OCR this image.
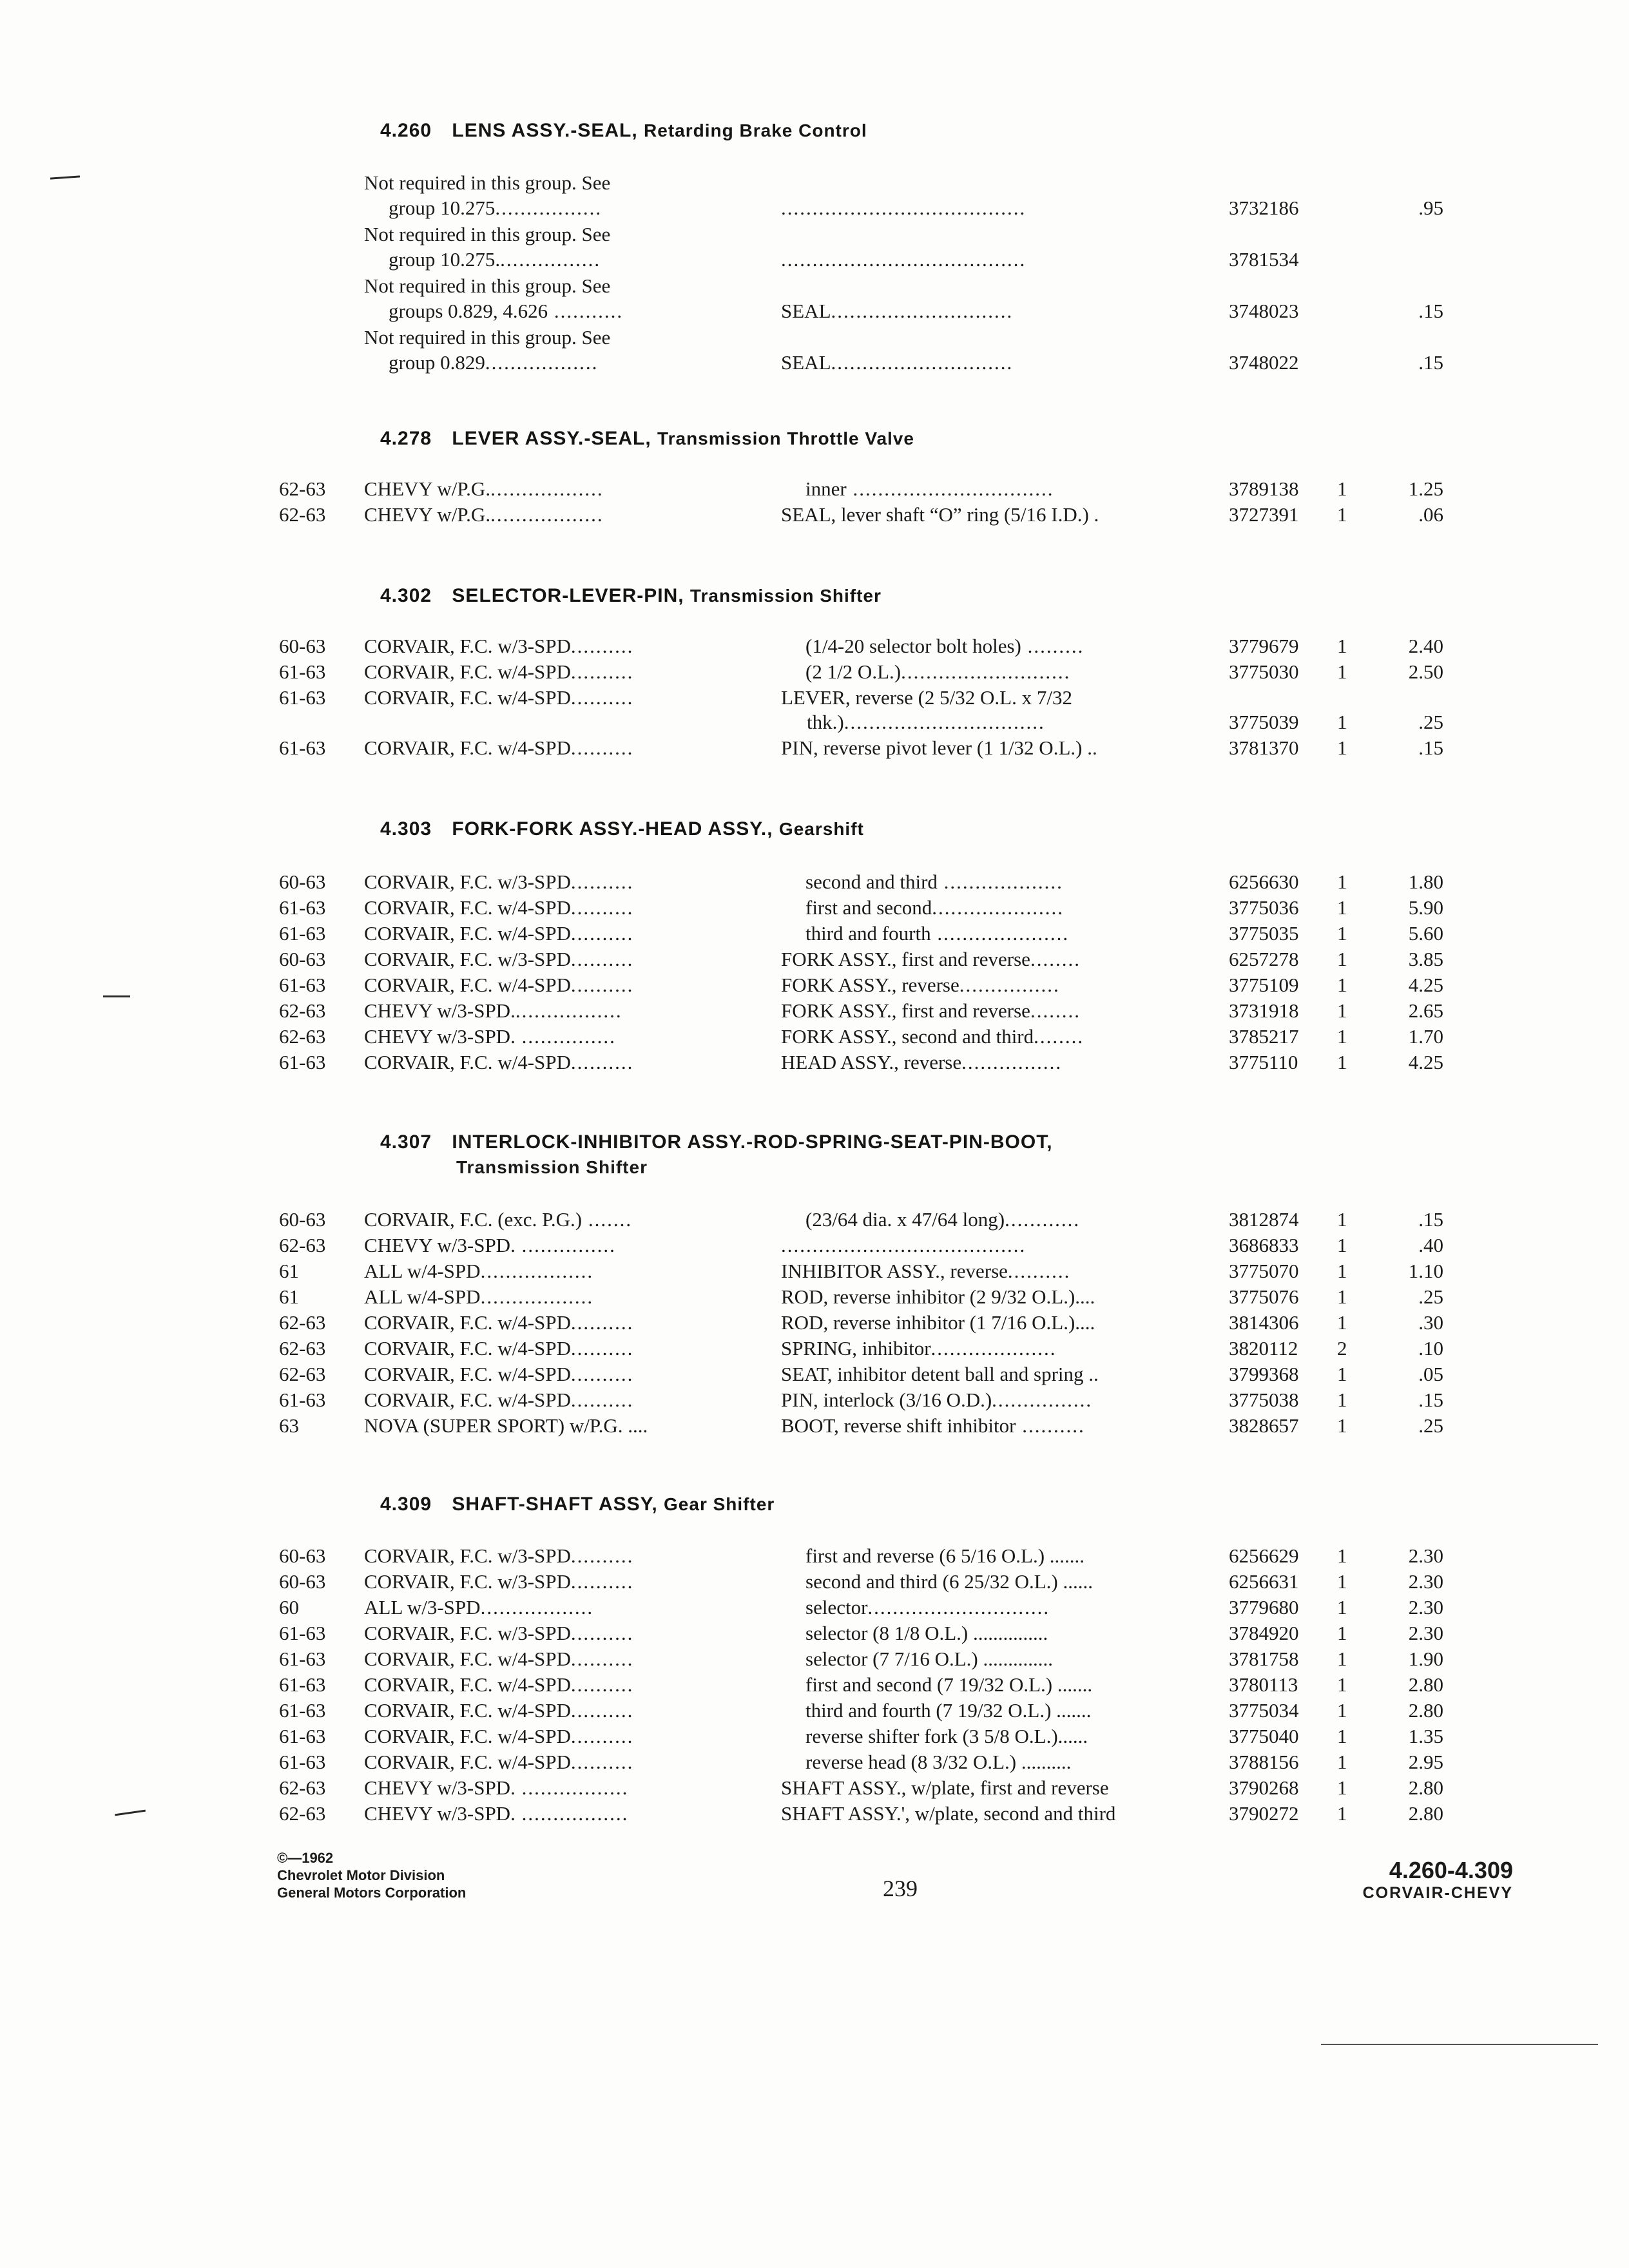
4.260 LENS ASSY.-SEAL, Retarding Brake Control
Not required in this group. See
group 10.275.................	.......................................	3732186	.95
Not required in this group. See
group 10.275.................	.......................................	3781534
Not required in this group. See
groups 0.829, 4.626 ...........	SEAL.............................	3748023	.15
Not required in this group. See
group 0.829..................	SEAL.............................	3748022	.15
4.278 LEVER ASSY.-SEAL, Transmission Throttle Valve
62-63 CHEVY w/P.G...................	inner ................................	3789138 1	1.25
62-63 CHEVY w/P.G...................	SEAL, lever shaft “O” ring (5/16 I.D.) .	3727391 1	.06
4.302 SELECTOR-LEVER-PIN, Transmission Shifter
60-63 CORVAIR, F.C. w/3-SPD..........	(1/4-20 selector bolt holes) .........	3779679 1	2.40
61-63 CORVAIR, F.C. w/4-SPD..........	(2 1/2 O.L.)...........................	3775030 1	2.50
61-63 CORVAIR, F.C. w/4-SPD..........	LEVER, reverse (2 5/32 O.L. x 7/32
thk.)................................	3775039 1	.25
61-63 CORVAIR, F.C. w/4-SPD..........	PIN, reverse pivot lever (1 1/32 O.L.) ..	3781370 1	.15
4.303 FORK-FORK ASSY.-HEAD ASSY., Gearshift
60-63 CORVAIR, F.C. w/3-SPD..........	second and third ...................	6256630 1	1.80
61-63 CORVAIR, F.C. w/4-SPD..........	first and second.....................	3775036 1	5.90
61-63 CORVAIR, F.C. w/4-SPD..........	third and fourth .....................	3775035 1	5.60
60-63 CORVAIR, F.C. w/3-SPD..........	FORK ASSY., first and reverse........	6257278 1	3.85
61-63 CORVAIR, F.C. w/4-SPD..........	FORK ASSY., reverse................	3775109 1	4.25
62-63 CHEVY w/3-SPD..................	FORK ASSY., first and reverse........	3731918 1	2.65
62-63 CHEVY w/3-SPD. ...............	FORK ASSY., second and third........	3785217 1	1.70
61-63 CORVAIR, F.C. w/4-SPD..........	HEAD ASSY., reverse................	3775110 1	4.25
4.307 INTERLOCK-INHIBITOR ASSY.-ROD-SPRING-SEAT-PIN-BOOT,
Transmission Shifter
60-63 CORVAIR, F.C. (exc. P.G.) .......	(23/64 dia. x 47/64 long)............	3812874 1	.15
62-63 CHEVY w/3-SPD. ...............	.......................................	3686833 1	.40
61	ALL w/4-SPD..................	INHIBITOR ASSY., reverse..........	3775070 1	1.10
61	ALL w/4-SPD..................	ROD, reverse inhibitor (2 9/32 O.L.)....	3775076 1	.25
62-63 CORVAIR, F.C. w/4-SPD..........	ROD, reverse inhibitor (1 7/16 O.L.)....	3814306 1	.30
62-63 CORVAIR, F.C. w/4-SPD..........	SPRING, inhibitor....................	3820112 2	.10
62-63 CORVAIR, F.C. w/4-SPD..........	SEAT, inhibitor detent ball and spring ..	3799368 1	.05
61-63 CORVAIR, F.C. w/4-SPD..........	PIN, interlock (3/16 O.D.)................	3775038 1	.15
63	NOVA (SUPER SPORT) w/P.G. ....	BOOT, reverse shift inhibitor ..........	3828657 1	.25
4.309 SHAFT-SHAFT ASSY, Gear Shifter
60-63 CORVAIR, F.C. w/3-SPD..........	first and reverse (6 5/16 O.L.) .......	6256629 1	2.30
60-63 CORVAIR, F.C. w/3-SPD..........	second and third (6 25/32 O.L.) ......	6256631 1	2.30
60	ALL w/3-SPD..................	selector.............................	3779680 1	2.30
61-63 CORVAIR, F.C. w/3-SPD..........	selector (8 1/8 O.L.) ...............	3784920 1	2.30
61-63 CORVAIR, F.C. w/4-SPD..........	selector (7 7/16 O.L.) ..............	3781758 1	1.90
61-63 CORVAIR, F.C. w/4-SPD..........	first and second (7 19/32 O.L.) .......	3780113 1	2.80
61-63 CORVAIR, F.C. w/4-SPD..........	third and fourth (7 19/32 O.L.) .......	3775034 1	2.80
61-63 CORVAIR, F.C. w/4-SPD..........	reverse shifter fork (3 5/8 O.L.)......	3775040 1	1.35
61-63 CORVAIR, F.C. w/4-SPD..........	reverse head (8 3/32 O.L.) ..........	3788156 1	2.95
62-63 CHEVY w/3-SPD. .................	SHAFT ASSY., w/plate, first and reverse	3790268 1	2.80
62-63 CHEVY w/3-SPD. .................	SHAFT ASSY.', w/plate, second and third	3790272 1	2.80
©—1962
Chevrolet Motor Division
General Motors Corporation	239
4.260-4.309
CORVAIR-CHEVY
